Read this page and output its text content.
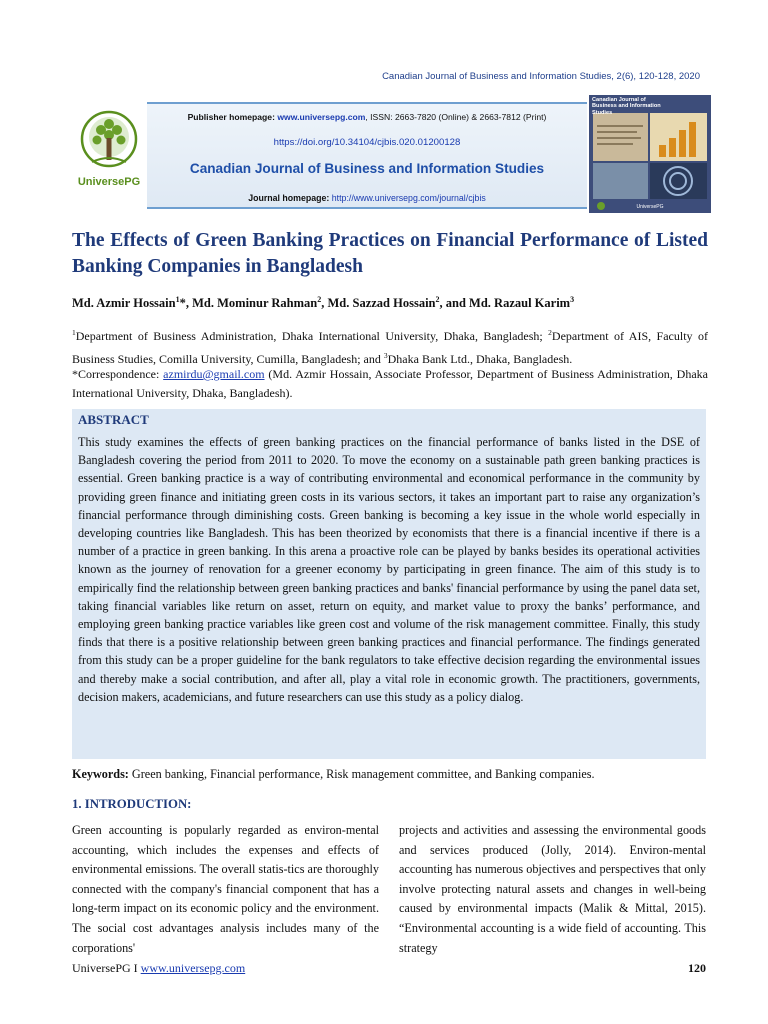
Canadian Journal of Business and Information Studies, 2(6), 120-128, 2020
UniversePG
Publisher homepage: www.universepg.com, ISSN: 2663-7820 (Online) & 2663-7812 (Print)
https://doi.org/10.34104/cjbis.020.01200128
Canadian Journal of Business and Information Studies
Journal homepage: http://www.universepg.com/journal/cjbis
Canadian Journal of Business and Information Studies
UniversePG
The Effects of Green Banking Practices on Financial Performance of Listed Banking Companies in Bangladesh
Md. Azmir Hossain$^1$*, Md. Mominur Rahman$^2$, Md. Sazzad Hossain$^2$, and Md. Razaul Karim$^3$

$^1$Department of Business Administration, Dhaka International University, Dhaka, Bangladesh; $^2$Department of AIS, Faculty of Business Studies, Comilla University, Cumilla, Bangladesh; and $^3$Dhaka Bank Ltd., Dhaka, Bangladesh.

*Correspondence: azmirdu@gmail.com (Md. Azmir Hossain, Associate Professor, Department of Business Administration, Dhaka International University, Dhaka, Bangladesh).

ABSTRACT

This study examines the effects of green banking practices on the financial performance of banks listed in the DSE of Bangladesh covering the period from 2011 to 2020. To move the economy on a sustainable path green banking practices is essential. Green banking practice is a way of contributing environmental and economical performance in the community by providing green finance and initiating green costs in its various sectors, it takes an important part to raise any organization’s financial performance through diminishing costs. Green banking is becoming a key issue in the whole world especially in developing countries like Bangladesh. This has been theorized by economists that there is a financial incentive if there is a number of a practice in green banking. In this arena a proactive role can be played by banks besides its operational activities known as the journey of renovation for a greener economy by participating in green finance. The aim of this study is to empirically find the relationship between green banking practices and banks' financial performance by using the panel data set, taking financial variables like return on asset, return on equity, and market value to proxy the banks’ performance, and employing green banking practice variables like green cost and volume of the risk management committee. Finally, this study finds that there is a positive relationship between green banking practices and financial performance. The findings generated from this study can be a proper guideline for the bank regulators to take effective decision regarding the environmental issues and thereby make a social contribution, and after all, play a vital role in economic growth. The practitioners, governments, decision makers, academicians, and future researchers can use this study as a policy dialog.

Keywords: Green banking, Financial performance, Risk management committee, and Banking companies.

1. INTRODUCTION:

Green accounting is popularly regarded as environ-mental accounting, which includes the expenses and effects of environmental emissions. The overall statis-tics are thoroughly connected with the company's financial component that has a long-term impact on its economic policy and the environment. The social cost advantages analysis includes many of the corporations'

projects and activities and assessing the environmental goods and services produced (Jolly, 2014). Environ-mental accounting has numerous objectives and perspectives that only involve protecting natural assets and changes in well-being caused by environmental impacts (Malik & Mittal, 2015). “Environmental accounting is a wide field of accounting. This strategy

UniversePG I www.universepg.com	120
